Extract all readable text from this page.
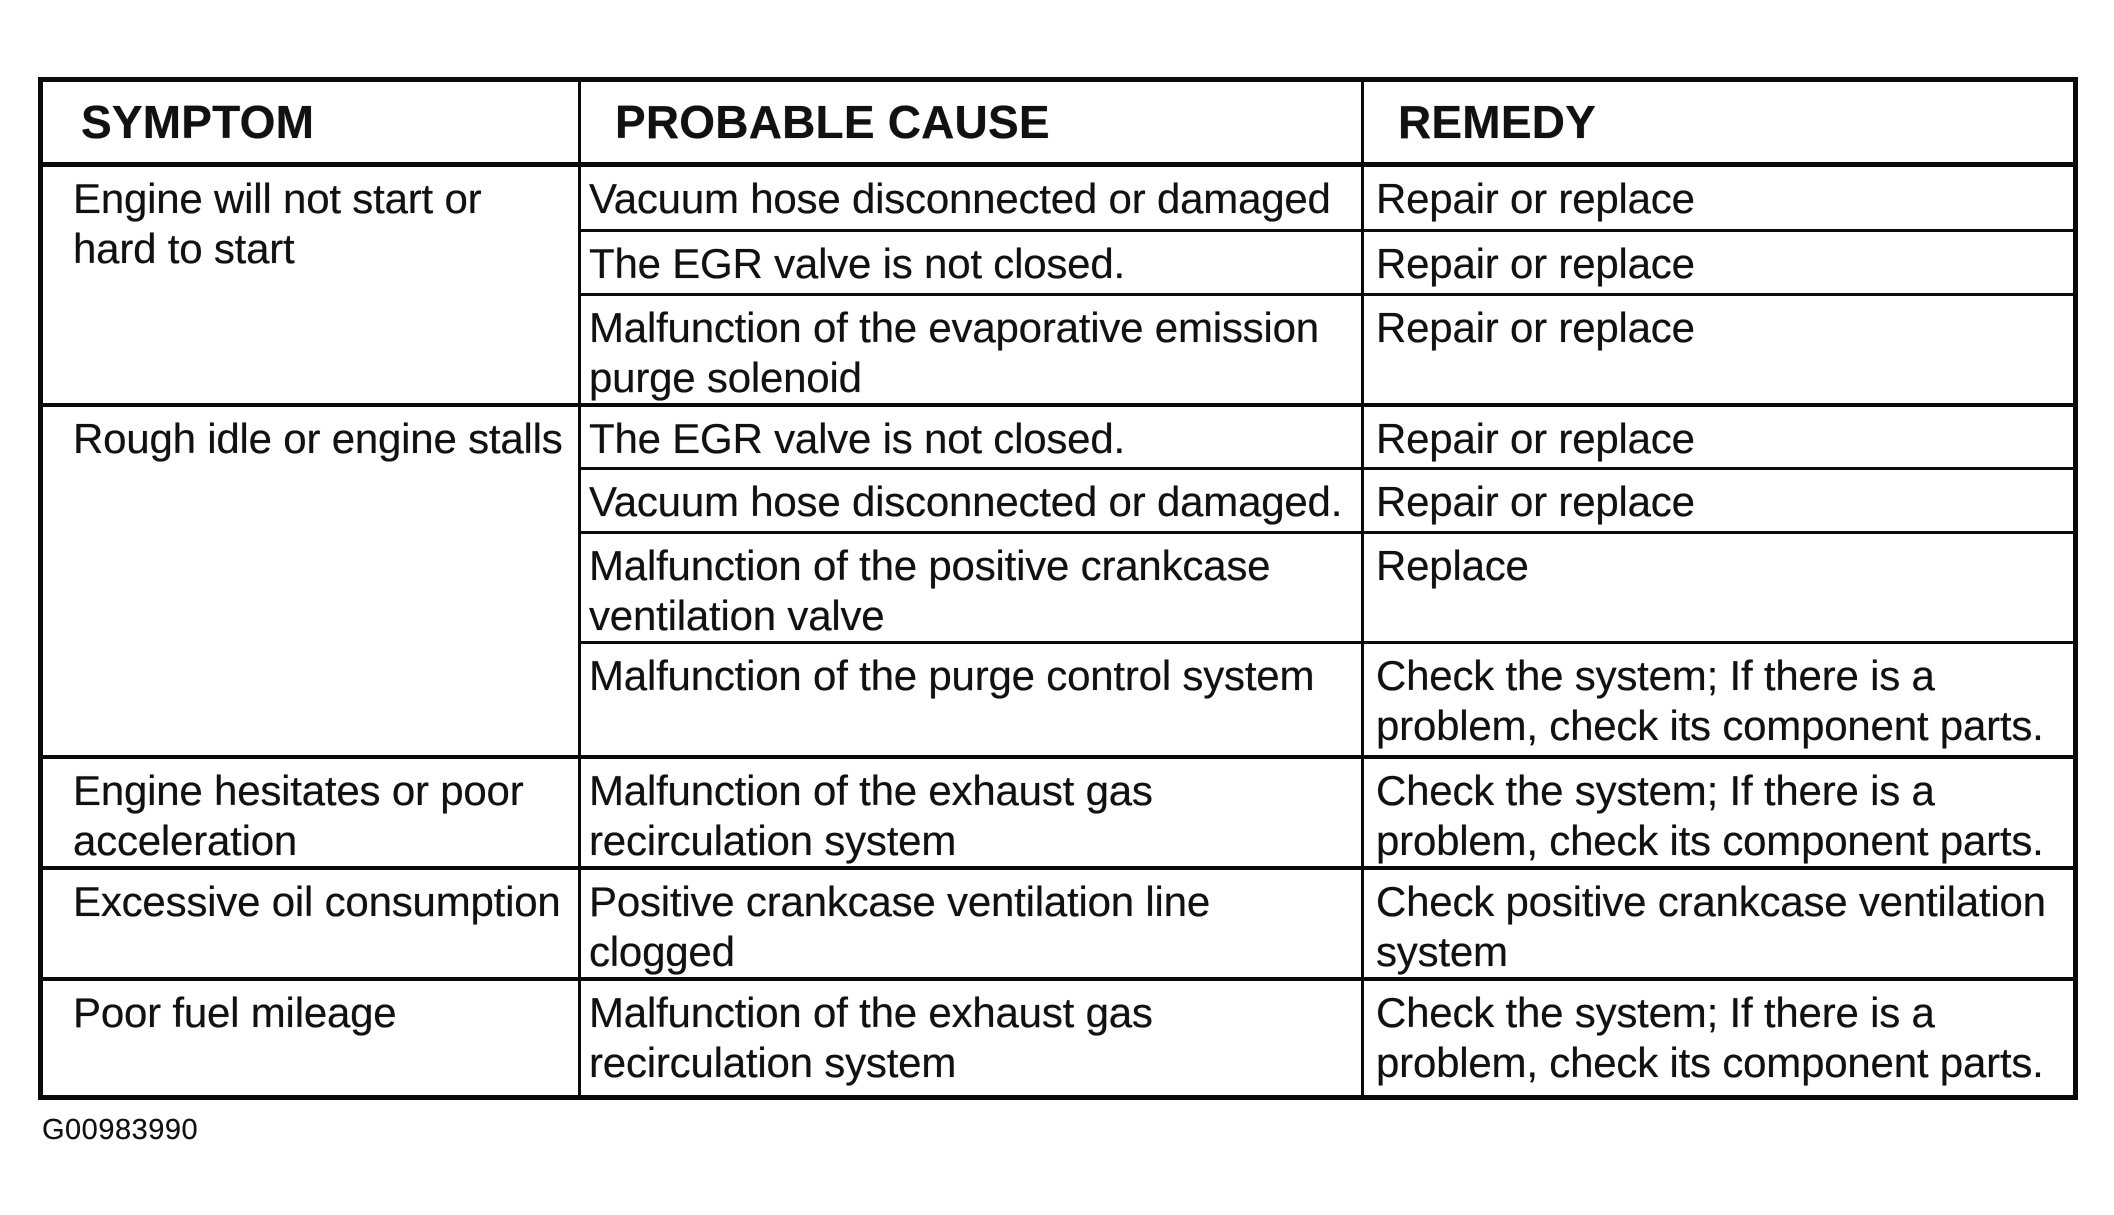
SYMPTOM	PROBABLE CAUSE	REMEDY
Engine will not start or hard to start	Vacuum hose disconnected or damaged	Repair or replace
	The EGR valve is not closed.	Repair or replace
	Malfunction of the evaporative emission purge solenoid	Repair or replace
Rough idle or engine stalls	The EGR valve is not closed.	Repair or replace
	Vacuum hose disconnected or damaged.	Repair or replace
	Malfunction of the positive crankcase ventilation valve	Replace
	Malfunction of the purge control system	Check the system; If there is a problem, check its component parts.
Engine hesitates or poor acceleration	Malfunction of the exhaust gas recirculation system	Check the system; If there is a problem, check its component parts.
Excessive oil consumption	Positive crankcase ventilation line clogged	Check positive crankcase ventilation system
Poor fuel mileage	Malfunction of the exhaust gas recirculation system	Check the system; If there is a problem, check its component parts.
G00983990
